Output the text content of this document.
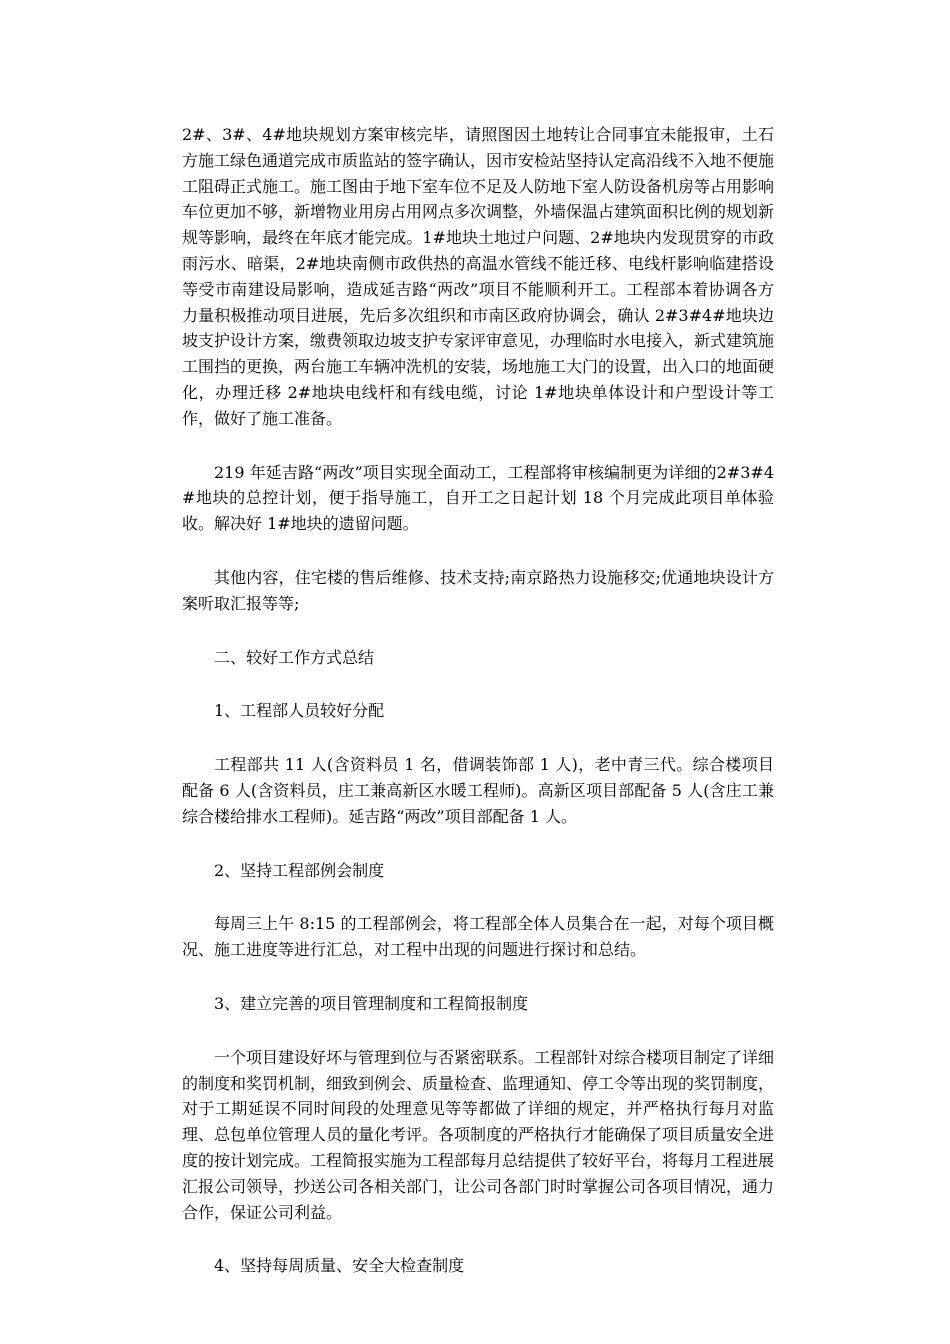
2#、3#、4#地块规划方案审核完毕，请照图因土地转让合同事宜未能报审，土石方施工绿色通道完成市质监站的签字确认，因市安检站坚持认定高沿线不入地不便施工阻碍正式施工。施工图由于地下室车位不足及人防地下室人防设备机房等占用影响车位更加不够，新增物业用房占用网点多次调整，外墙保温占建筑面积比例的规划新规等影响，最终在年底才能完成。1#地块土地过户问题、2#地块内发现贯穿的市政雨污水、暗渠，2#地块南侧市政供热的高温水管线不能迁移、电线杆影响临建搭设等受市南建设局影响，造成延吉路“两改”项目不能顺利开工。工程部本着协调各方力量积极推动项目进展，先后多次组织和市南区政府协调会，确认 2#3#4#地块边坡支护设计方案，缴费领取边坡支护专家评审意见，办理临时水电接入，新式建筑施工围挡的更换，两台施工车辆冲洗机的安装，场地施工大门的设置，出入口的地面硬化，办理迁移 2#地块电线杆和有线电缆，讨论 1#地块单体设计和户型设计等工作，做好了施工准备。

219 年延吉路“两改”项目实现全面动工，工程部将审核编制更为详细的2#3#4#地块的总控计划，便于指导施工，自开工之日起计划 18 个月完成此项目单体验收。解决好 1#地块的遗留问题。

其他内容，住宅楼的售后维修、技术支持;南京路热力设施移交;优通地块设计方案听取汇报等等;

二、较好工作方式总结

1、工程部人员较好分配

工程部共 11 人(含资料员 1 名，借调装饰部 1 人)，老中青三代。综合楼项目配备 6 人(含资料员，庄工兼高新区水暖工程师)。高新区项目部配备 5 人(含庄工兼综合楼给排水工程师)。延吉路“两改”项目部配备 1 人。

2、坚持工程部例会制度

每周三上午 8:15 的工程部例会，将工程部全体人员集合在一起，对每个项目概况、施工进度等进行汇总，对工程中出现的问题进行探讨和总结。

3、建立完善的项目管理制度和工程简报制度

一个项目建设好坏与管理到位与否紧密联系。工程部针对综合楼项目制定了详细的制度和奖罚机制，细致到例会、质量检查、监理通知、停工令等出现的奖罚制度，对于工期延误不同时间段的处理意见等等都做了详细的规定，并严格执行每月对监理、总包单位管理人员的量化考评。各项制度的严格执行才能确保了项目质量安全进度的按计划完成。工程简报实施为工程部每月总结提供了较好平台，将每月工程进展汇报公司领导，抄送公司各相关部门，让公司各部门时时掌握公司各项目情况，通力合作，保证公司利益。

4、坚持每周质量、安全大检查制度
